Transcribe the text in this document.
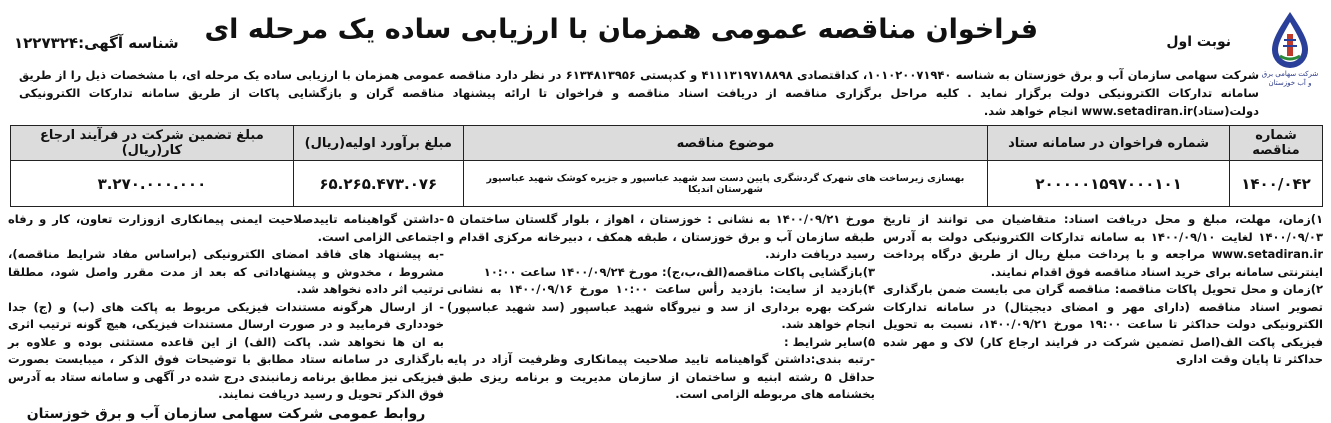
شرکت سهامی برق و آب خوزستان
نوبت اول
فراخوان مناقصه عمومی همزمان با ارزیابی ساده یک مرحله ای
شناسه آگهی:۱۲۲۷۳۲۴
شرکت سهامی سازمان آب و برق خوزستان به شناسه ۱۰۱۰۲۰۰۷۱۹۴۰، کداقتصادی ۴۱۱۱۳۱۹۷۱۸۸۹۸ و کدپستی ۶۱۳۴۸۱۳۹۵۶ در نظر دارد مناقصه عمومی همزمان با ارزیابی ساده یک مرحله ای، با مشخصات ذیل را از طریق سامانه تدارکات الکترونیکی دولت برگزار نماید . کلیه مراحل برگزاری مناقصه از دریافت اسناد مناقصه و فراخوان تا ارائه پیشنهاد مناقصه گران و بازگشایی پاکات از طریق سامانه تدارکات الکترونیکی دولت(ستاد)www.setadiran.ir انجام خواهد شد.
شماره مناقصه	شماره فراخوان در سامانه ستاد	موضوع مناقصه	مبلغ برآورد اولیه(ریال)	مبلغ تضمین شرکت در فرآیند ارجاع کار(ریال)
۱۴۰۰/۰۴۲	۲۰۰۰۰۰۱۵۹۷۰۰۰۱۰۱	بهسازی زیرساخت های شهرک گردشگری پایین دست سد شهید عباسپور و جزیره کوشک شهید عباسپور شهرستان اندیکا	۶۵.۲۶۵.۴۷۳.۰۷۶	۳.۲۷۰.۰۰۰.۰۰۰

۱)زمان، مهلت، مبلغ و محل دریافت اسناد: متقاضیان می توانند از تاریخ ۱۴۰۰/۰۹/۰۳ لغایت ۱۴۰۰/۰۹/۱۰ به سامانه تدارکات الکترونیکی دولت به آدرس www.setadiran.ir مراجعه و با پرداخت مبلغ ریال از طریق درگاه پرداخت اینترنتی سامانه برای خرید اسناد مناقصه فوق اقدام نمایند.

۲)زمان و محل تحویل پاکات مناقصه: مناقصه گران می بایست ضمن بارگذاری تصویر اسناد مناقصه (دارای مهر و امضای دیجیتال) در سامانه تدارکات الکترونیکی دولت حداکثر تا ساعت ۱۹:۰۰ مورخ ۱۴۰۰/۰۹/۲۱، نسبت به تحویل فیزیکی پاکت الف(اصل تضمین شرکت در فرایند ارجاع کار) لاک و مهر شده حداکثر تا پایان وقت اداری

مورخ ۱۴۰۰/۰۹/۲۱ به نشانی : خوزستان ، اهواز ، بلوار گلستان ساختمان ۵ طبقه سازمان آب و برق خوزستان ، طبقه همکف ، دبیرخانه مرکزی اقدام و رسید دریافت دارند.

۳)بازگشایی پاکات مناقصه(الف،ب،ج): مورخ ۱۴۰۰/۰۹/۲۴ ساعت ۱۰:۰۰

۴)بازدید از سایت: بازدید رأس ساعت ۱۰:۰۰ مورخ ۱۴۰۰/۰۹/۱۶ به نشانی شرکت بهره برداری از سد و نیروگاه شهید عباسپور (سد شهید عباسپور) انجام خواهد شد.

۵)سایر شرایط :

-رتبه بندی:داشتن گواهینامه تایید صلاحیت پیمانکاری وظرفیت آزاد در پایه حداقل ۵ رشته ابنیه و ساختمان از سازمان مدیریت و برنامه ریزی طبق بخشنامه های مربوطه الزامی است.

-داشتن گواهینامه تاییدصلاحیت ایمنی پیمانکاری ازوزارت تعاون، کار و رفاه اجتماعی الزامی است.

-به پیشنهاد های فاقد امضای الکترونیکی (براساس مفاد شرایط مناقصه)، مشروط ، مخدوش و پیشنهاداتی که بعد از مدت مقرر واصل شود، مطلقا ترتیب اثر داده نخواهد شد.

- از ارسال هرگونه مستندات فیزیکی مربوط به پاکت های (ب) و (ج) جدا خودداری فرمایید و در صورت ارسال مستندات فیزیکی، هیچ گونه ترتیب اثری به ان ها نخواهد شد. پاکت (الف) از این قاعده مستثنی بوده و علاوه بر بارگذاری در سامانه ستاد مطابق با توضیحات فوق الذکر ، میبایست بصورت فیزیکی نیز مطابق برنامه زمانبندی درج شده در آگهی و سامانه ستاد به آدرس فوق الذکر تحویل و رسید دریافت نمایند.

روابط عمومی شرکت سهامی سازمان آب و برق خوزستان
